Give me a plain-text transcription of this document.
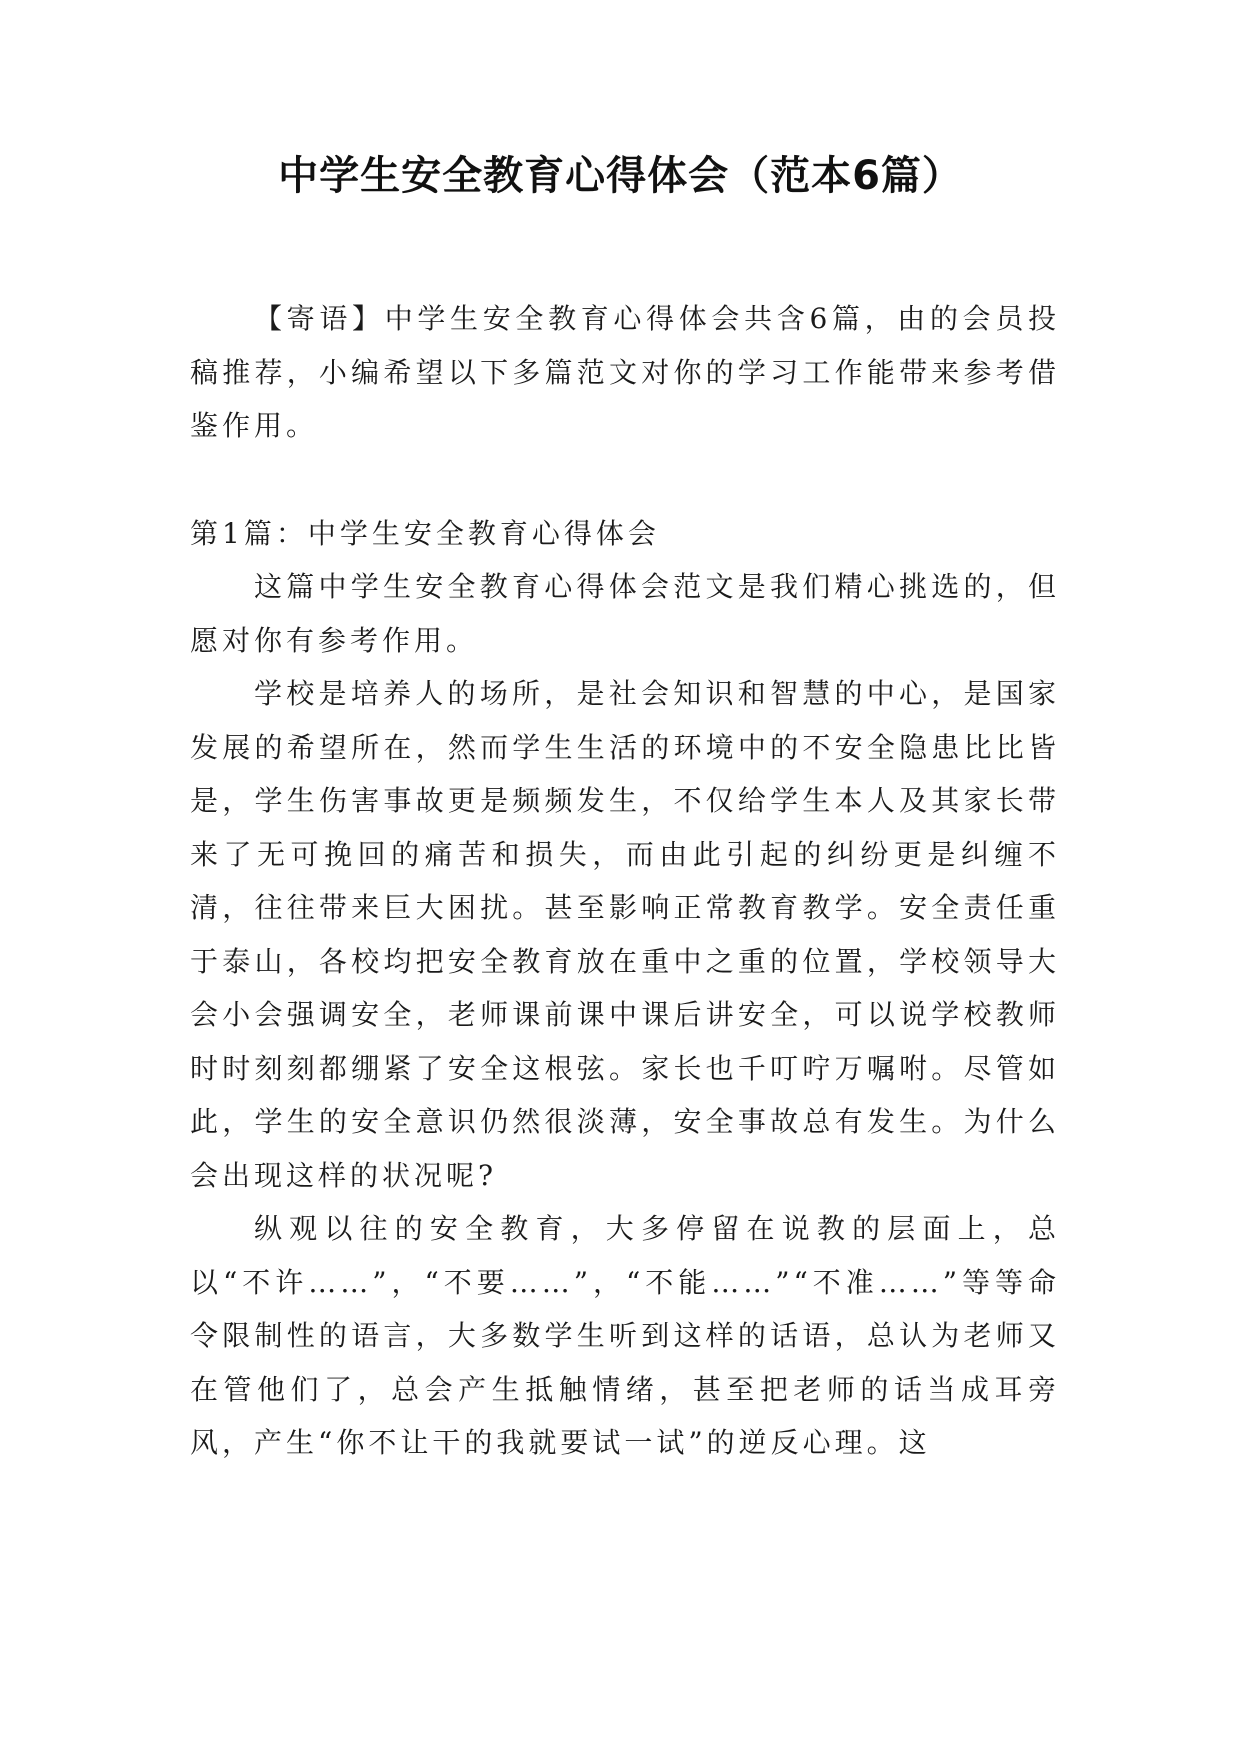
中学生安全教育心得体会（范本6篇）

【寄语】中学生安全教育心得体会共含6篇，由的会员投稿推荐，小编希望以下多篇范文对你的学习工作能带来参考借鉴作用。

第1篇：中学生安全教育心得体会

这篇中学生安全教育心得体会范文是我们精心挑选的，但愿对你有参考作用。

学校是培养人的场所，是社会知识和智慧的中心，是国家发展的希望所在，然而学生生活的环境中的不安全隐患比比皆是，学生伤害事故更是频频发生，不仅给学生本人及其家长带来了无可挽回的痛苦和损失，而由此引起的纠纷更是纠缠不清，往往带来巨大困扰。甚至影响正常教育教学。安全责任重于泰山，各校均把安全教育放在重中之重的位置，学校领导大会小会强调安全，老师课前课中课后讲安全，可以说学校教师时时刻刻都绷紧了安全这根弦。家长也千叮咛万嘱咐。尽管如此，学生的安全意识仍然很淡薄，安全事故总有发生。为什么会出现这样的状况呢?

纵观以往的安全教育，大多停留在说教的层面上，总以“不许……”，“不要……”，“不能……”“不准……”等等命令限制性的语言，大多数学生听到这样的话语，总认为老师又在管他们了，总会产生抵触情绪，甚至把老师的话当成耳旁风，产生“你不让干的我就要试一试”的逆反心理。这
